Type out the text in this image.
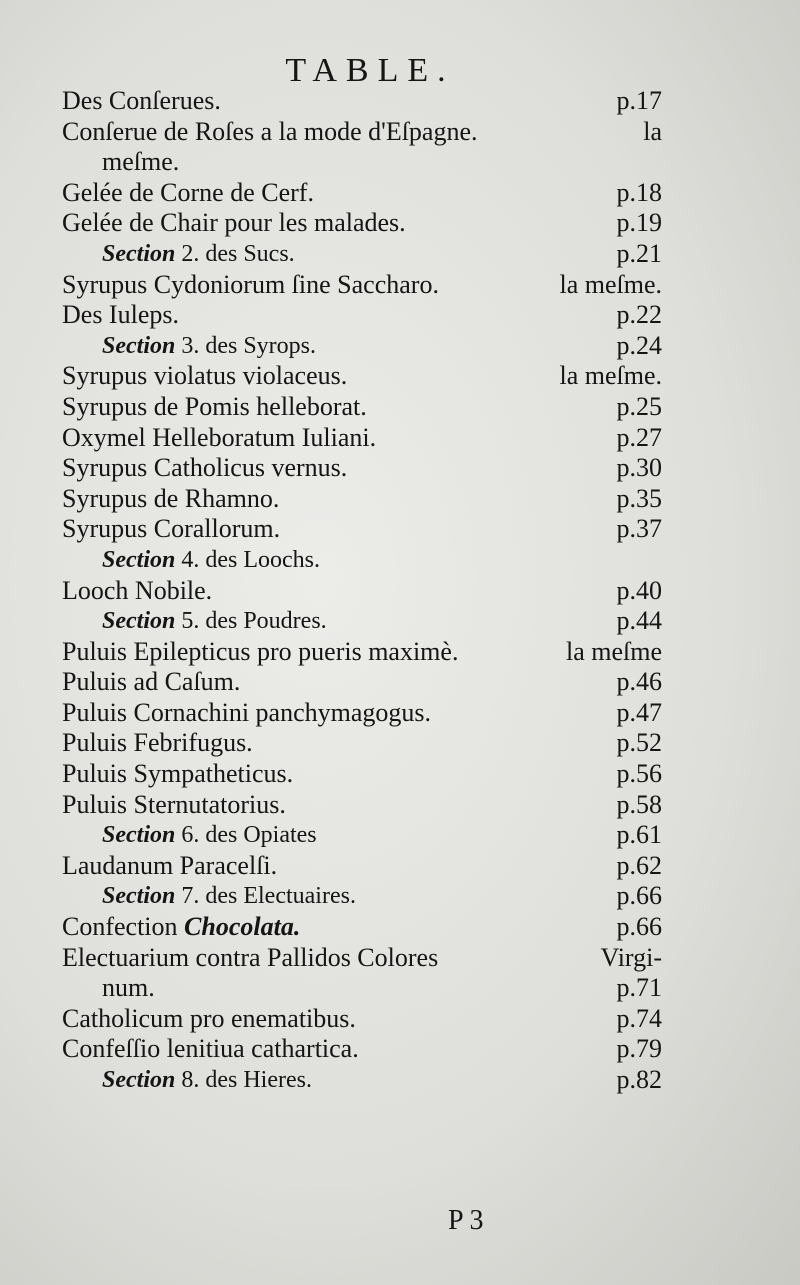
TABLE.
Des Conſerues.	p.17
Conſerue de Roſes a la mode d'Eſpagne.	la
meſme.
Gelée de Corne de Cerf.	p.18
Gelée de Chair pour les malades.	p.19
Section 2. des Sucs.	p.21
Syrupus Cydoniorum ſine Saccharo.	la meſme.
Des Iuleps.	p.22
Section 3. des Syrops.	p.24
Syrupus violatus violaceus.	la meſme.
Syrupus de Pomis helleborat.	p.25
Oxymel Helleboratum Iuliani.	p.27
Syrupus Catholicus vernus.	p.30
Syrupus de Rhamno.	p.35
Syrupus Corallorum.	p.37
Section 4. des Loochs.
Looch Nobile.	p.40
Section 5. des Poudres.	p.44
Puluis Epilepticus pro pueris maximè.	la meſme
Puluis ad Caſum.	p.46
Puluis Cornachini panchymagogus.	p.47
Puluis Febrifugus.	p.52
Puluis Sympatheticus.	p.56
Puluis Sternutatorius.	p.58
Section 6. des Opiates	p.61
Laudanum Paracelſi.	p.62
Section 7. des Electuaires.	p.66
Confection Chocolata.	p.66
Electuarium contra Pallidos Colores	Virgi-
num.	p.71
Catholicum pro enematibus.	p.74
Confeſſio lenitiua cathartica.	p.79
Section 8. des Hieres.	p.82
P 3
